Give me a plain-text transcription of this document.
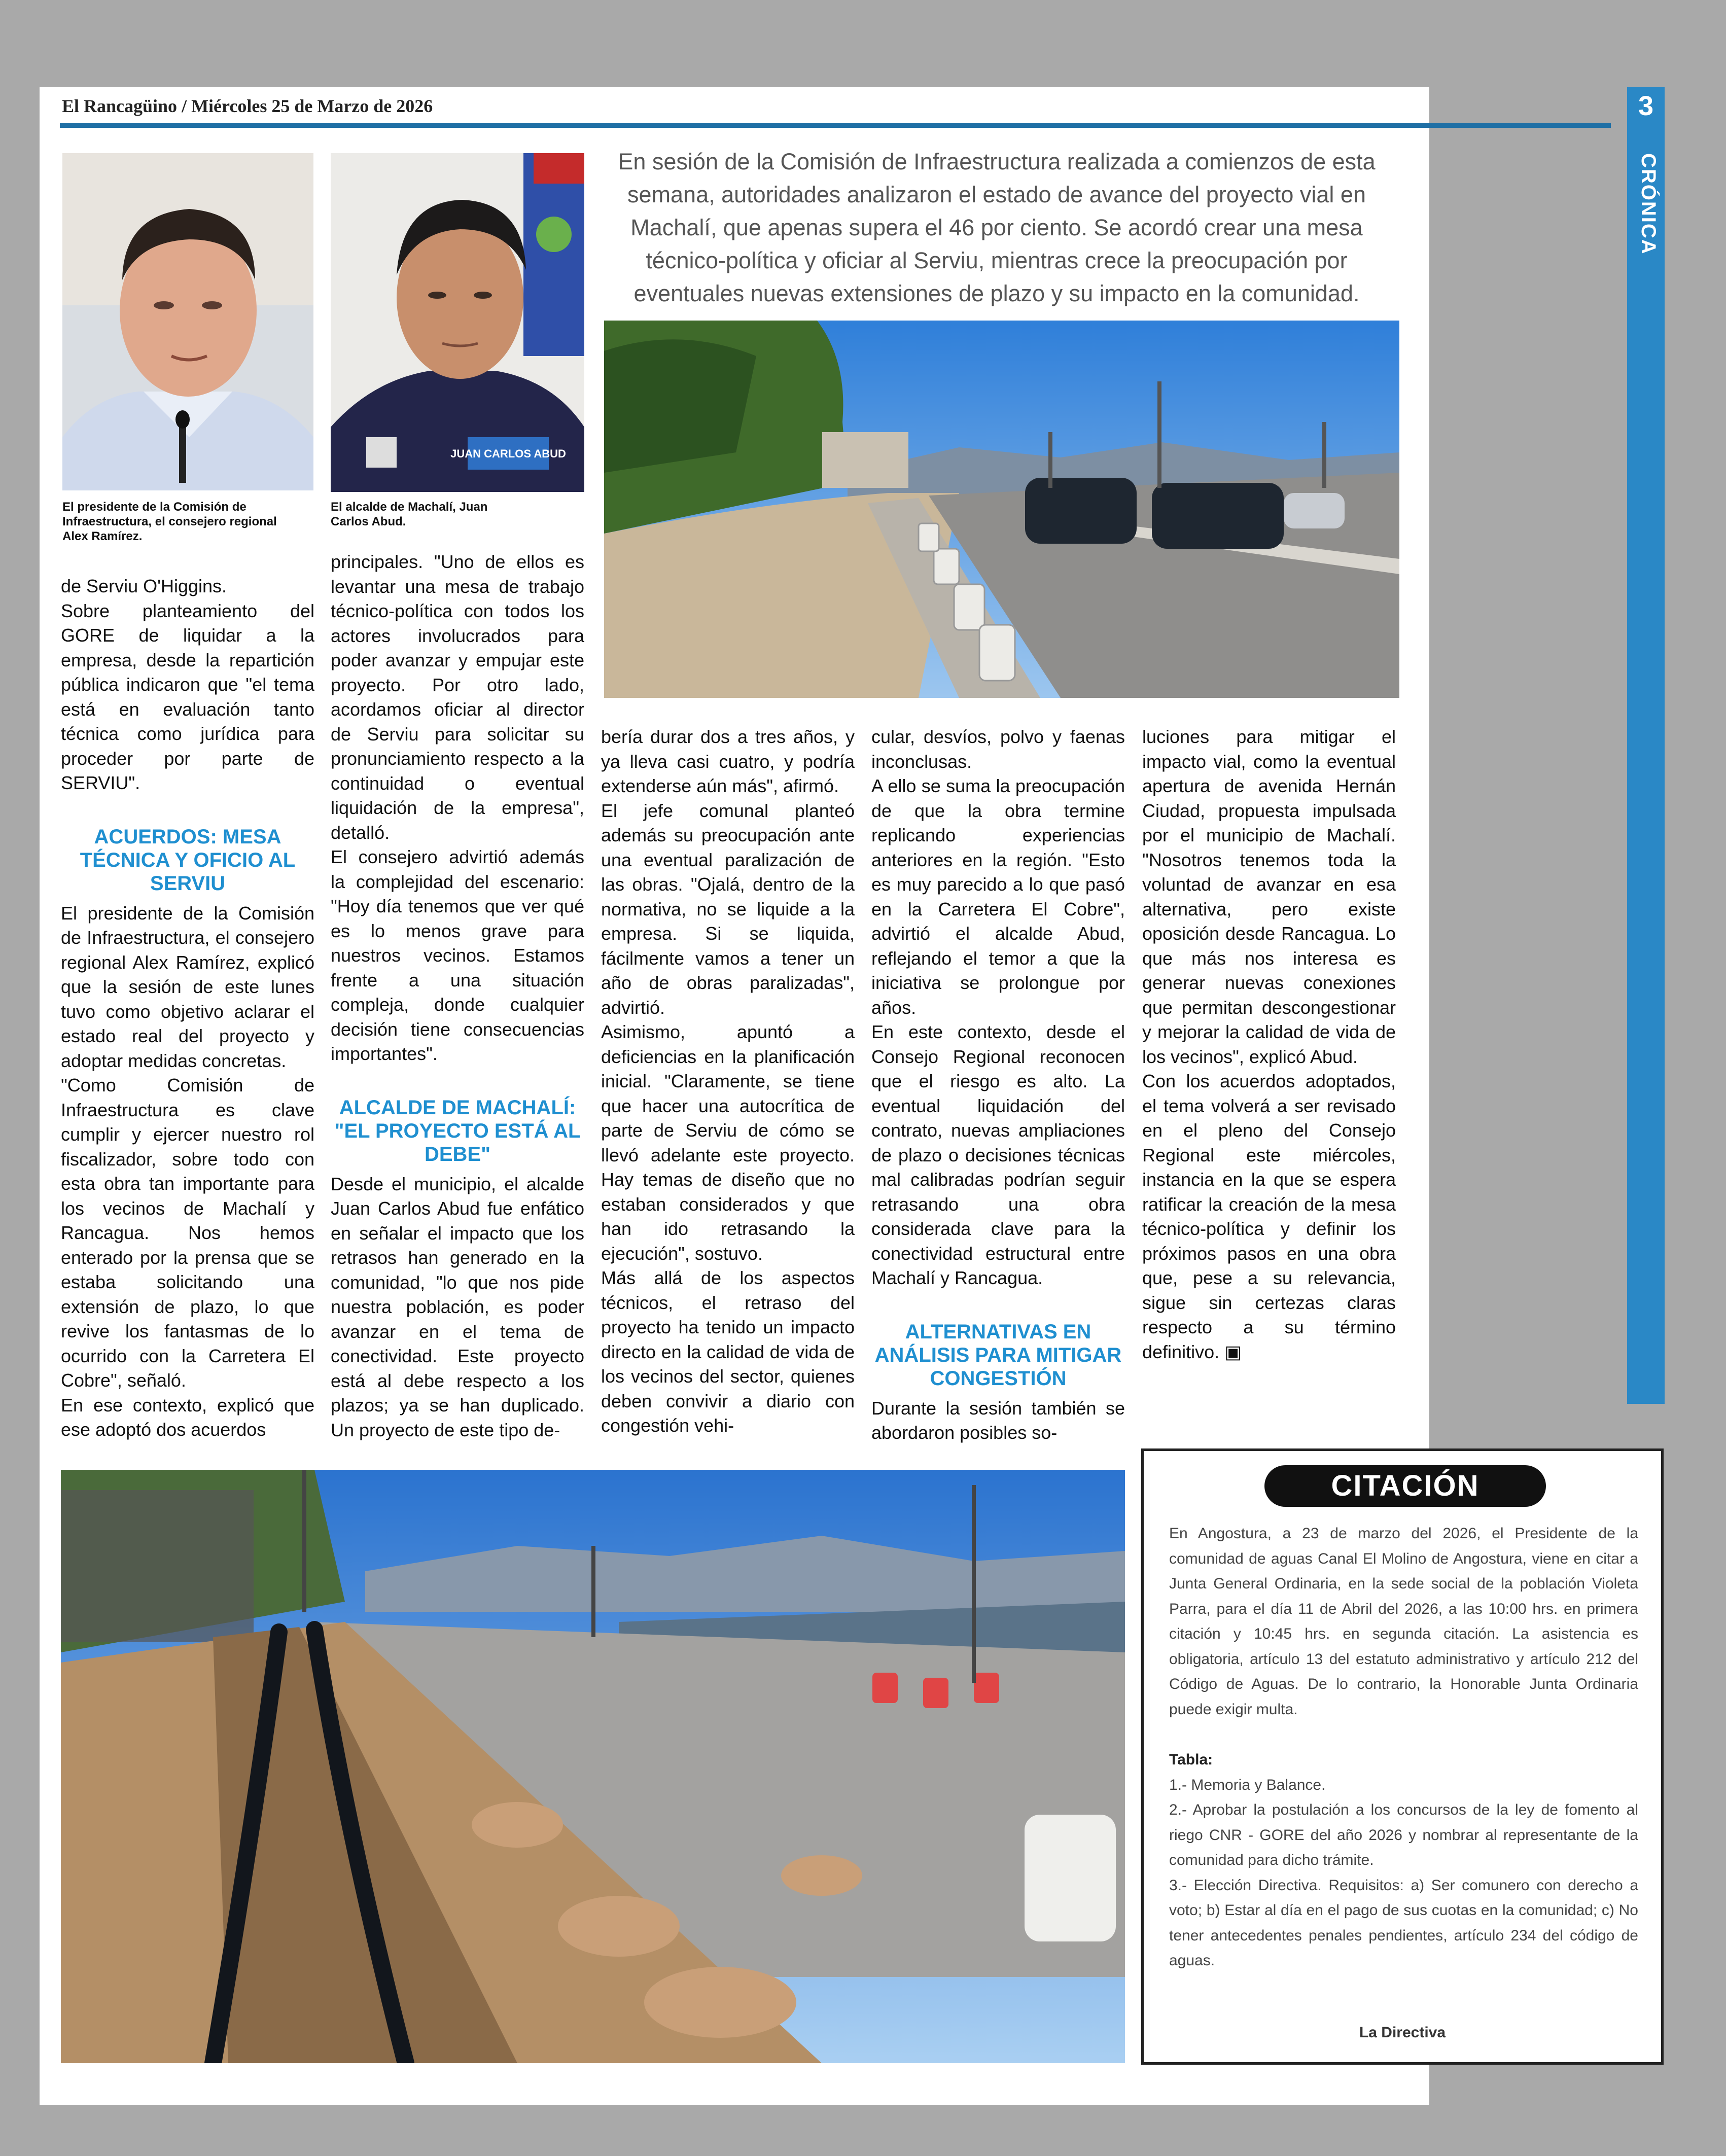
El Rancagüino / Miércoles 25 de Marzo de 2026	3
CRÓNICA
El presidente de la Comisión de Infraestructura, el consejero regional Alex Ramírez.
JUAN CARLOS ABUD
El alcalde de Machalí, Juan Carlos Abud.
En sesión de la Comisión de Infraestructura realizada a comienzos de esta semana, autoridades analizaron el estado de avance del proyecto vial en Machalí, que apenas supera el 46 por ciento. Se acordó crear una mesa técnico-política y oficiar al Serviu, mientras crece la preocupación por eventuales nuevas extensiones de plazo y su impacto en la comunidad.

de Serviu O'Higgins.

Sobre planteamiento del GORE de liquidar a la empresa, desde la repartición pública indicaron que "el tema está en evaluación tanto técnica como jurídica para proceder por parte de SERVIU".

ACUERDOS: MESA TÉCNICA Y OFICIO AL SERVIU

El presidente de la Comisión de Infraestructura, el consejero regional Alex Ramírez, explicó que la sesión de este lunes tuvo como objetivo aclarar el estado real del proyecto y adoptar medidas concretas.

"Como Comisión de Infraestructura es clave cumplir y ejercer nuestro rol fiscalizador, sobre todo con esta obra tan importante para los vecinos de Machalí y Rancagua. Nos hemos enterado por la prensa que se estaba solicitando una extensión de plazo, lo que revive los fantasmas de lo ocurrido con la Carretera El Cobre", señaló.

En ese contexto, explicó que ese adoptó dos acuerdos

principales. "Uno de ellos es levantar una mesa de trabajo técnico-política con todos los actores involucrados para poder avanzar y empujar este proyecto. Por otro lado, acordamos oficiar al director de Serviu para solicitar su pronunciamiento respecto a la continuidad o eventual liquidación de la empresa", detalló.

El consejero advirtió además la complejidad del escenario: "Hoy día tenemos que ver qué es lo menos grave para nuestros vecinos. Estamos frente a una situación compleja, donde cualquier decisión tiene consecuencias importantes".

ALCALDE DE MACHALÍ: "EL PROYECTO ESTÁ AL DEBE"

Desde el municipio, el alcalde Juan Carlos Abud fue enfático en señalar el impacto que los retrasos han generado en la comunidad, "lo que nos pide nuestra población, es poder avanzar en el tema de conectividad. Este proyecto está al debe respecto a los plazos; ya se han duplicado. Un proyecto de este tipo de-

bería durar dos a tres años, y ya lleva casi cuatro, y podría extenderse aún más", afirmó.

El jefe comunal planteó además su preocupación ante una eventual paralización de las obras. "Ojalá, dentro de la normativa, no se liquide a la empresa. Si se liquida, fácilmente vamos a tener un año de obras paralizadas", advirtió.

Asimismo, apuntó a deficiencias en la planificación inicial. "Claramente, se tiene que hacer una autocrítica de parte de Serviu de cómo se llevó adelante este proyecto. Hay temas de diseño que no estaban considerados y que han ido retrasando la ejecución", sostuvo.

Más allá de los aspectos técnicos, el retraso del proyecto ha tenido un impacto directo en la calidad de vida de los vecinos del sector, quienes deben convivir a diario con congestión vehi-

cular, desvíos, polvo y faenas inconclusas.

A ello se suma la preocupación de que la obra termine replicando experiencias anteriores en la región. "Esto es muy parecido a lo que pasó en la Carretera El Cobre", advirtió el alcalde Abud, reflejando el temor a que la iniciativa se prolongue por años.

En este contexto, desde el Consejo Regional reconocen que el riesgo es alto. La eventual liquidación del contrato, nuevas ampliaciones de plazo o decisiones técnicas mal calibradas podrían seguir retrasando una obra considerada clave para la conectividad estructural entre Machalí y Rancagua.

ALTERNATIVAS EN ANÁLISIS PARA MITIGAR CONGESTIÓN

Durante la sesión también se abordaron posibles so-

luciones para mitigar el impacto vial, como la eventual apertura de avenida Hernán Ciudad, propuesta impulsada por el municipio de Machalí. "Nosotros tenemos toda la voluntad de avanzar en esa alternativa, pero existe oposición desde Rancagua. Lo que más nos interesa es generar nuevas conexiones que permitan descongestionar y mejorar la calidad de vida de los vecinos", explicó Abud.

Con los acuerdos adoptados, el tema volverá a ser revisado en el pleno del Consejo Regional este miércoles, instancia en la que se espera ratificar la creación de la mesa técnico-política y definir los próximos pasos en una obra que, pese a su relevancia, sigue sin certezas claras respecto a su término definitivo. ▣

CITACIÓN

En Angostura, a 23 de marzo del 2026, el Presidente de la comunidad de aguas Canal El Molino de Angostura, viene en citar a Junta General Ordinaria, en la sede social de la población Violeta Parra, para el día 11 de Abril del 2026, a las 10:00 hrs. en primera citación y 10:45 hrs. en segunda citación. La asistencia es obligatoria, artículo 13 del estatuto administrativo y artículo 212 del Código de Aguas. De lo contrario, la Honorable Junta Ordinaria puede exigir multa.

Tabla:

1.- Memoria y Balance.

2.- Aprobar la postulación a los concursos de la ley de fomento al riego CNR - GORE del año 2026 y nombrar al representante de la comunidad para dicho trámite.

3.- Elección Directiva. Requisitos: a) Ser comunero con derecho a voto; b) Estar al día en el pago de sus cuotas en la comunidad; c) No tener antecedentes penales pendientes, artículo 234 del código de aguas.

La Directiva
